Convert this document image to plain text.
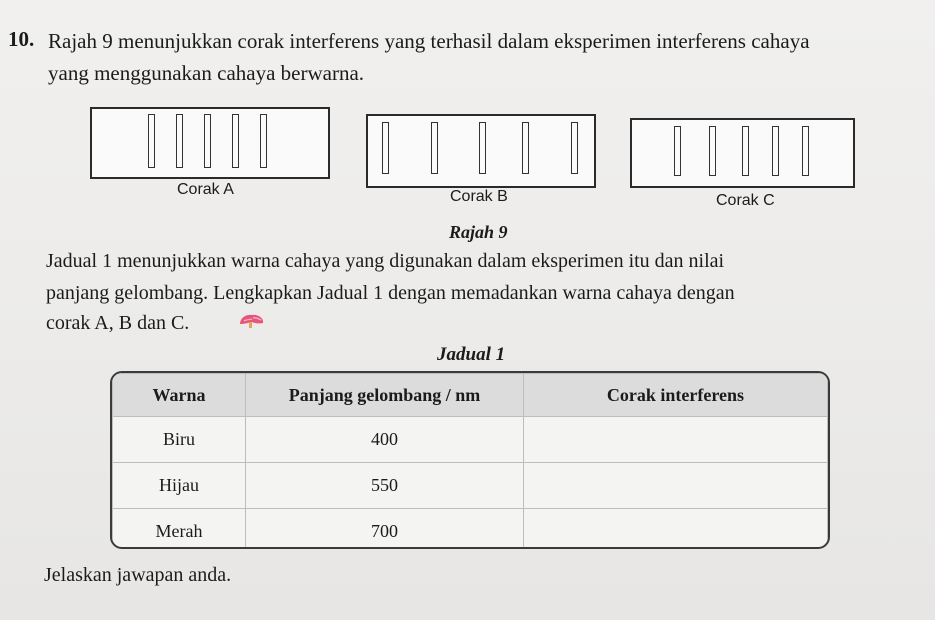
10. Rajah 9 menunjukkan corak interferens yang terhasil dalam eksperimen interferens cahaya
yang menggunakan cahaya berwarna.
Corak A	Corak B	Corak C
Rajah 9
Jadual 1 menunjukkan warna cahaya yang digunakan dalam eksperimen itu dan nilai
panjang gelombang. Lengkapkan Jadual 1 dengan memadankan warna cahaya dengan
corak A, B dan C.
Jadual 1
Warna	Panjang gelombang / nm	Corak interferens
Biru	400	
Hijau	550	
Merah	700	
Jelaskan jawapan anda.
